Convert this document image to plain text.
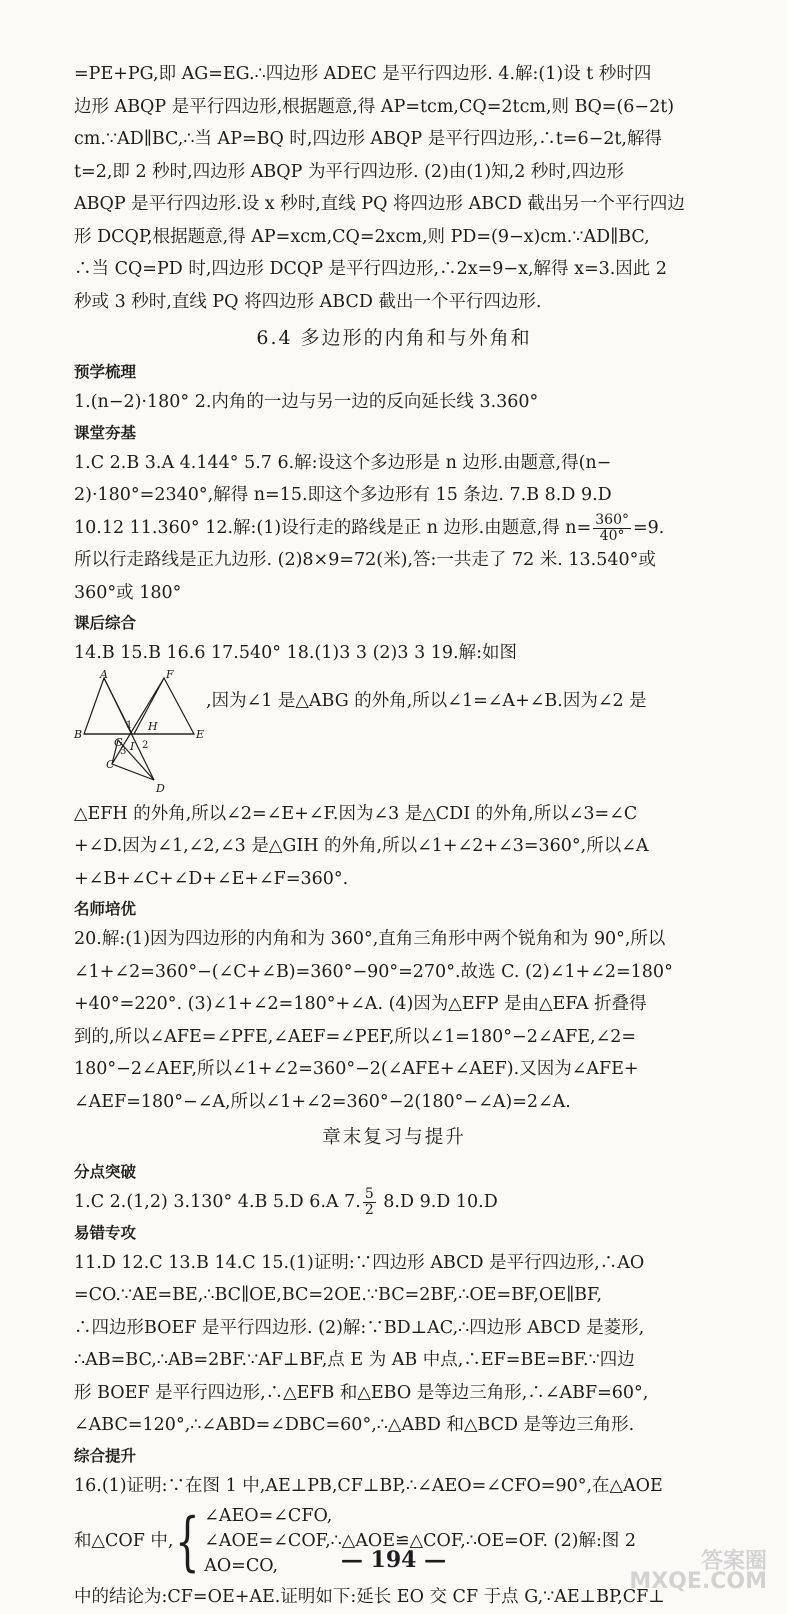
=PE+PG,即 AG=EG.∴四边形 ADEC 是平行四边形. 4.解:(1)设 t 秒时四

边形 ABQP 是平行四边形,根据题意,得 AP=tcm,CQ=2tcm,则 BQ=(6−2t)

cm.∵AD∥BC,∴当 AP=BQ 时,四边形 ABQP 是平行四边形,∴t=6−2t,解得

t=2,即 2 秒时,四边形 ABQP 为平行四边形. (2)由(1)知,2 秒时,四边形

ABQP 是平行四边形.设 x 秒时,直线 PQ 将四边形 ABCD 截出另一个平行四边

形 DCQP,根据题意,得 AP=xcm,CQ=2xcm,则 PD=(9−x)cm.∵AD∥BC,

∴当 CQ=PD 时,四边形 DCQP 是平行四边形,∴2x=9−x,解得 x=3.因此 2

秒或 3 秒时,直线 PQ 将四边形 ABCD 截出一个平行四边形.

6.4 多边形的内角和与外角和

预学梳理

1.(n−2)·180° 2.内角的一边与另一边的反向延长线 3.360°

课堂夯基

1.C 2.B 3.A 4.144° 5.7 6.解:设这个多边形是 n 边形.由题意,得(n−

2)·180°=2340°,解得 n=15.即这个多边形有 15 条边. 7.B 8.D 9.D

10.12 11.360° 12.解:(1)设行走的路线是正 n 边形.由题意,得 $n= \frac{360^\circ}{40^\circ} =9$.

所以行走路线是正九边形. (2)8×9=72(米),答:一共走了 72 米. 13.540°或

360°或 180°

课后综合

14.B 15.B 16.6 17.540° 18.(1)3 3 (2)3 3 19.解:如图

A
B
C
D
E
F
G
H
I
1
2
3
,因为∠1 是△ABG 的外角,所以∠1=∠A+∠B.因为∠2 是

△EFH 的外角,所以∠2=∠E+∠F.因为∠3 是△CDI 的外角,所以∠3=∠C

+∠D.因为∠1,∠2,∠3 是△GIH 的外角,所以∠1+∠2+∠3=360°,所以∠A

+∠B+∠C+∠D+∠E+∠F=360°.

名师培优

20.解:(1)因为四边形的内角和为 360°,直角三角形中两个锐角和为 90°,所以

∠1+∠2=360°−(∠C+∠B)=360°−90°=270°.故选 C. (2)∠1+∠2=180°

+40°=220°. (3)∠1+∠2=180°+∠A. (4)因为△EFP 是由△EFA 折叠得

到的,所以∠AFE=∠PFE,∠AEF=∠PEF,所以∠1=180°−2∠AFE,∠2=

180°−2∠AEF,所以∠1+∠2=360°−2(∠AFE+∠AEF).又因为∠AFE+

∠AEF=180°−∠A,所以∠1+∠2=360°−2(180°−∠A)=2∠A.

章末复习与提升

分点突破

1.C 2.(1,2) 3.130° 4.B 5.D 6.A 7. $\frac{5}{2} 8.D$ 9.D 10.D

易错专攻

11.D 12.C 13.B 14.C 15.(1)证明:∵四边形 ABCD 是平行四边形,∴AO

=CO.∵AE=BE,∴BC∥OE,BC=2OE.∵BC=2BF,∴OE=BF,OE∥BF,

∴四边形BOEF 是平行四边形. (2)解:∵BD⊥AC,∴四边形 ABCD 是菱形,

∴AB=BC,∴AB=2BF.∵AF⊥BF,点 E 为 AB 中点,∴EF=BE=BF.∵四边

形 BOEF 是平行四边形,∴△EFB 和△EBO 是等边三角形,∴∠ABF=60°,

∠ABC=120°,∴∠ABD=∠DBC=60°,∴△ABD 和△BCD 是等边三角形.

综合提升

16.(1)证明:∵在图 1 中,AE⊥PB,CF⊥BP,∴∠AEO=∠CFO=90°,在△AOE

和△COF 中, { ∠AEO=∠CFO,
∠AOE=∠COF,∴△AOE≌△COF,∴OE=OF. (2)解:图 2
AO=CO,

中的结论为:CF=OE+AE.证明如下:延长 EO 交 CF 于点 G,∵AE⊥BP,CF⊥

— 194 —	答案圈
MXQE.COM
